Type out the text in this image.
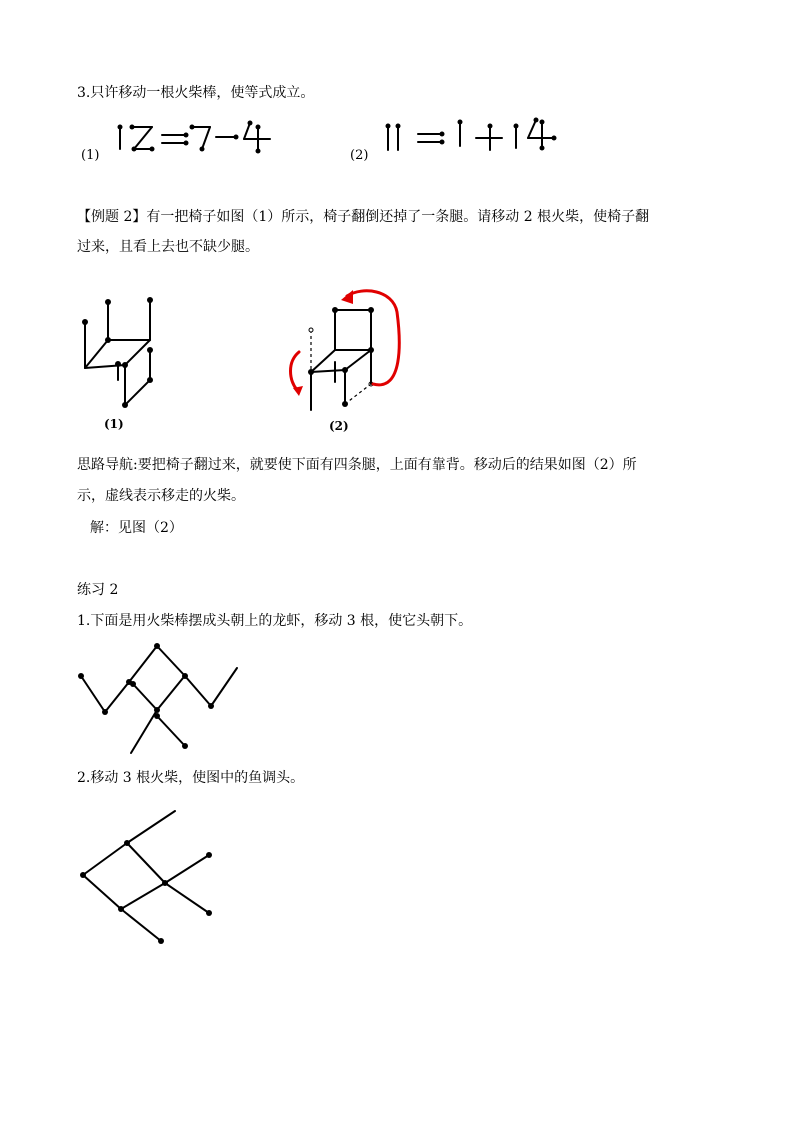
3.只许移动一根火柴棒，使等式成立。
(1)	(2)
【例题 2】有一把椅子如图（1）所示，椅子翻倒还掉了一条腿。请移动 2 根火柴，使椅子翻
过来，且看上去也不缺少腿。
(1)	(2)
思路导航:要把椅子翻过来，就要使下面有四条腿，上面有靠背。移动后的结果如图（2）所
示，虚线表示移走的火柴。
解：见图（2）
练习 2
1.下面是用火柴棒摆成头朝上的龙虾，移动 3 根，使它头朝下。
2.移动 3 根火柴，使图中的鱼调头。
